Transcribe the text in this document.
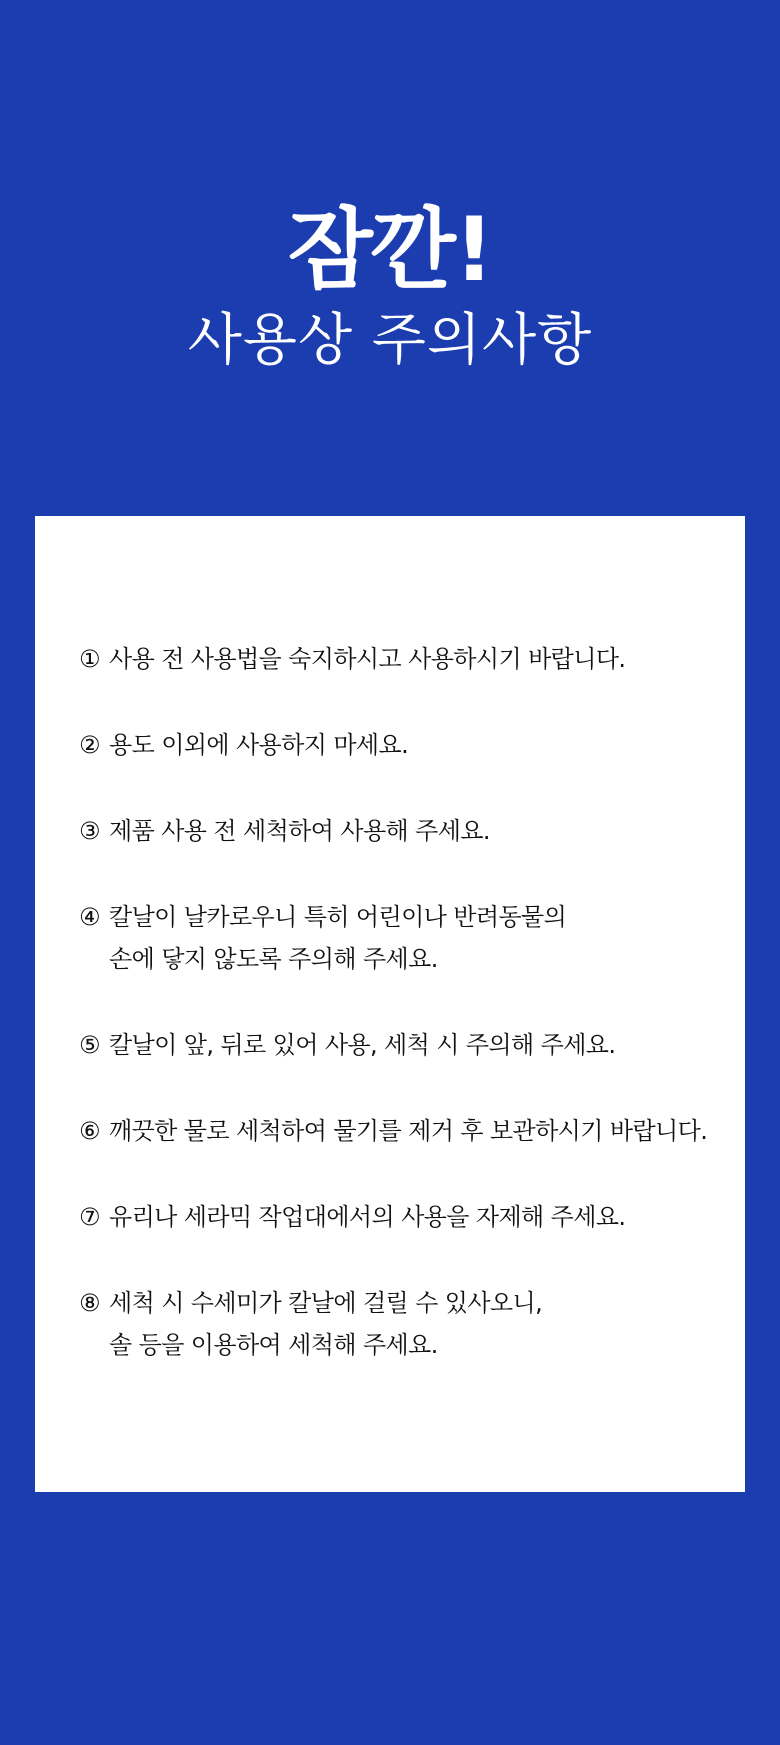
잠깐!
사용상 주의사항
① 사용 전 사용법을 숙지하시고 사용하시기 바랍니다.
② 용도 이외에 사용하지 마세요.
③ 제품 사용 전 세척하여 사용해 주세요.
④ 칼날이 날카로우니 특히 어린이나 반려동물의
손에 닿지 않도록 주의해 주세요.
⑤ 칼날이 앞, 뒤로 있어 사용, 세척 시 주의해 주세요.
⑥ 깨끗한 물로 세척하여 물기를 제거 후 보관하시기 바랍니다.
⑦ 유리나 세라믹 작업대에서의 사용을 자제해 주세요.
⑧ 세척 시 수세미가 칼날에 걸릴 수 있사오니,
솔 등을 이용하여 세척해 주세요.
